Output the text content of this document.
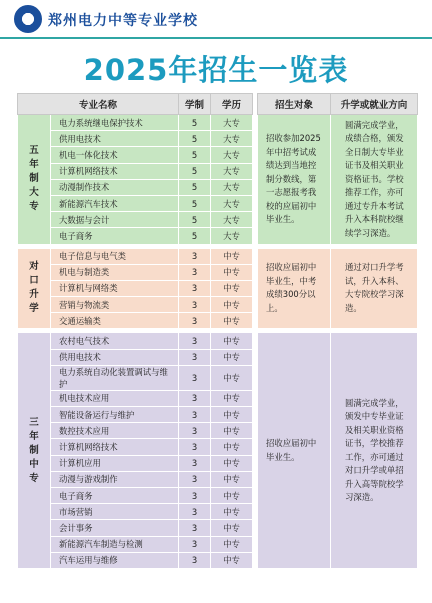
郑州电力中等专业学校
2025年招生一览表
专业名称		学制	学历		招生对象	升学或就业方向

五年制大专	电力系统继电保护技术	5	大专		招收参加2025年中招考试成绩达到当地控制分数线，第一志愿报考我校的应届初中毕业生。	圆满完成学业，成绩合格，颁发全日制大专毕业证书及相关职业资格证书。学校推荐工作，亦可通过专升本考试升入本科院校继续学习深造。
	供用电技术	5	大专			
	机电一体化技术	5	大专			
	计算机网络技术	5	大专			
	动漫制作技术	5	大专			
	新能源汽车技术	5	大专			
	大数据与会计	5	大专			
	电子商务	5	大专			

对口升学	电子信息与电气类	3	中专		招收应届初中毕业生，中考成绩300分以上。	通过对口升学考试，升入本科、大专院校学习深造。
	机电与制造类	3	中专			
	计算机与网络类	3	中专			
	营销与物流类	3	中专			
	交通运输类	3	中专			

三年制中专	农村电气技术	3	中专		招收应届初中毕业生。	圆满完成学业，颁发中专毕业证及相关职业资格证书，学校推荐工作，亦可通过对口升学或单招升入高等院校学习深造。
	供用电技术	3	中专			
	电力系统自动化装置调试与维护	3	中专			
	机电技术应用	3	中专			
	智能设备运行与维护	3	中专			
	数控技术应用	3	中专			
	计算机网络技术	3	中专			
	计算机应用	3	中专			
	动漫与游戏制作	3	中专			
	电子商务	3	中专			
	市场营销	3	中专			
	会计事务	3	中专			
	新能源汽车制造与检测	3	中专			
	汽车运用与维修	3	中专			
